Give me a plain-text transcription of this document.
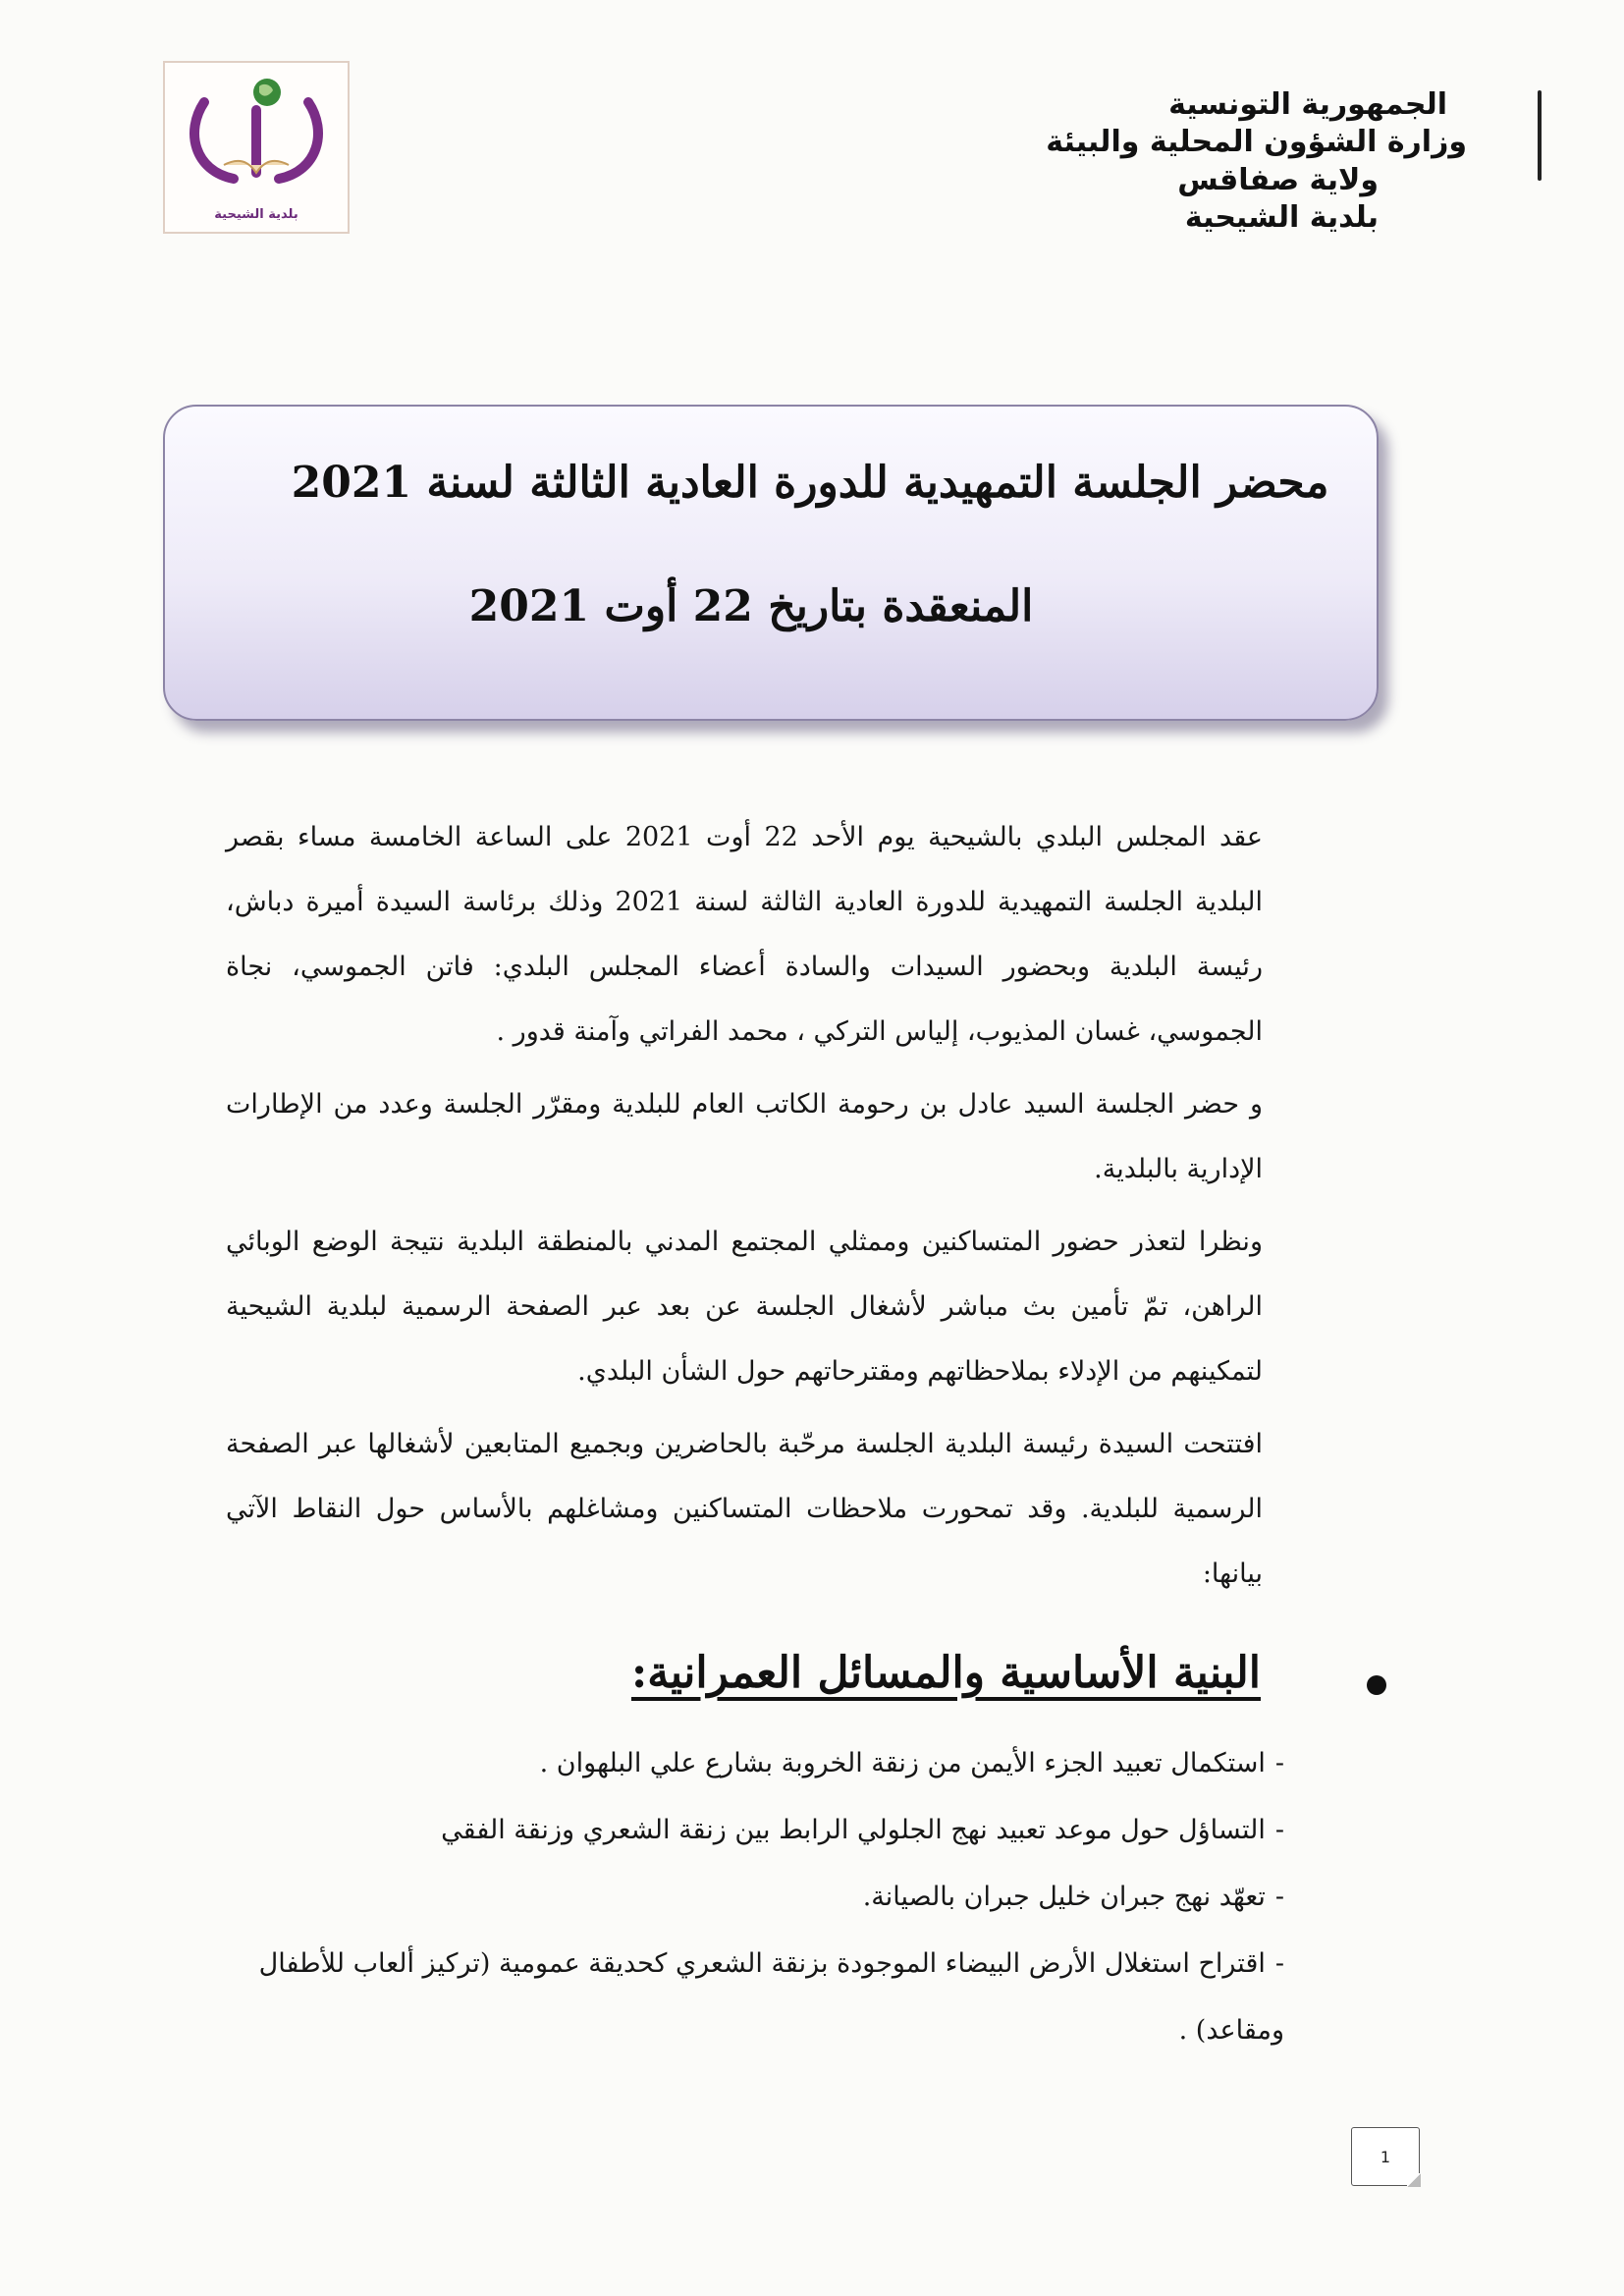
بلدية الشيحية
الجمهورية التونسية
وزارة الشؤون المحلية والبيئة
ولاية صفاقس
بلدية الشيحية
محضر الجلسة التمهيدية للدورة العادية الثالثة لسنة 2021
المنعقدة بتاريخ 22 أوت 2021

عقد المجلس البلدي بالشيحية يوم الأحد 22 أوت 2021 على الساعة الخامسة مساء بقصر البلدية الجلسة التمهيدية للدورة العادية الثالثة لسنة 2021 وذلك برئاسة السيدة أميرة دباش، رئيسة البلدية وبحضور السيدات والسادة أعضاء المجلس البلدي: فاتن الجموسي، نجاة الجموسي، غسان المذيوب، إلياس التركي ، محمد الفراتي وآمنة قدور .

و حضر الجلسة السيد عادل بن رحومة الكاتب العام للبلدية ومقرّر الجلسة وعدد من الإطارات الإدارية بالبلدية.

ونظرا لتعذر حضور المتساكنين وممثلي المجتمع المدني بالمنطقة البلدية نتيجة الوضع الوبائي الراهن، تمّ تأمين بث مباشر لأشغال الجلسة عن بعد عبر الصفحة الرسمية لبلدية الشيحية لتمكينهم من الإدلاء بملاحظاتهم ومقترحاتهم حول الشأن البلدي.

افتتحت السيدة رئيسة البلدية الجلسة مرحّبة بالحاضرين وبجميع المتابعين لأشغالها عبر الصفحة الرسمية للبلدية. وقد تمحورت ملاحظات المتساكنين ومشاغلهم بالأساس حول النقاط الآتي بيانها:

البنية الأساسية والمسائل العمرانية:
-استكمال تعبيد الجزء الأيمن من زنقة الخروبة بشارع علي البلهوان .
-التساؤل حول موعد تعبيد نهج الجلولي الرابط بين زنقة الشعري وزنقة الفقي
-تعهّد نهج جبران خليل جبران بالصيانة.
-اقتراح استغلال الأرض البيضاء الموجودة بزنقة الشعري كحديقة عمومية (تركيز ألعاب للأطفال ومقاعد) .
1
